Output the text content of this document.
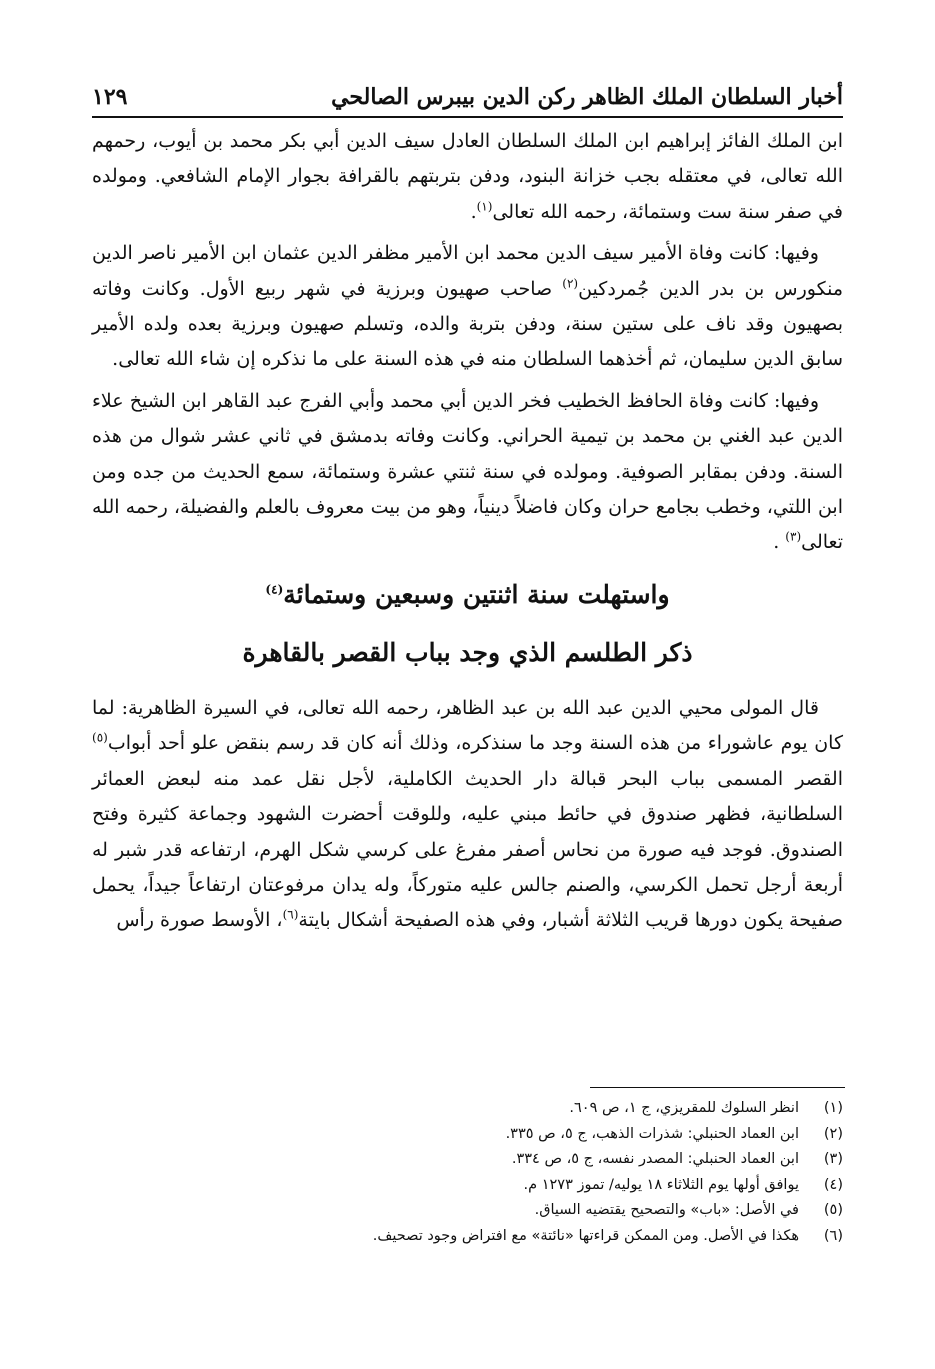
أخبار السلطان الملك الظاهر ركن الدين بيبرس الصالحي
١٢٩

ابن الملك الفائز إبراهيم ابن الملك السلطان العادل سيف الدين أبي بكر محمد بن أيوب، رحمهم الله تعالى، في معتقله بجب خزانة البنود، ودفن بتربتهم بالقرافة بجوار الإمام الشافعي. ومولده في صفر سنة ست وستمائة، رحمه الله تعالى$^{(١)}$.

وفيها: كانت وفاة الأمير سيف الدين محمد ابن الأمير مظفر الدين عثمان ابن الأمير ناصر الدين منكورس بن بدر الدين جُمردكين$^{(٢)}$ صاحب صهيون وبرزية في شهر ربيع الأول. وكانت وفاته بصهيون وقد ناف على ستين سنة، ودفن بتربة والده، وتسلم صهيون وبرزية بعده ولده الأمير سابق الدين سليمان، ثم أخذهما السلطان منه في هذه السنة على ما نذكره إن شاء الله تعالى.

وفيها: كانت وفاة الحافظ الخطيب فخر الدين أبي محمد وأبي الفرج عبد القاهر ابن الشيخ علاء الدين عبد الغني بن محمد بن تيمية الحراني. وكانت وفاته بدمشق في ثاني عشر شوال من هذه السنة. ودفن بمقابر الصوفية. ومولده في سنة ثنتي عشرة وستمائة، سمع الحديث من جده ومن ابن اللتي، وخطب بجامع حران وكان فاضلاً دينياً، وهو من بيت معروف بالعلم والفضيلة، رحمه الله تعالى$^{(٣)}$ .

واستهلت سنة اثنتين وسبعين وستمائة$^{(٤)}$
ذكر الطلسم الذي وجد بباب القصر بالقاهرة

قال المولى محيي الدين عبد الله بن عبد الظاهر، رحمه الله تعالى، في السيرة الظاهرية: لما كان يوم عاشوراء من هذه السنة وجد ما سنذكره، وذلك أنه كان قد رسم بنقض علو أحد أبواب$^{(٥)}$ القصر المسمى بباب البحر قبالة دار الحديث الكاملية، لأجل نقل عمد منه لبعض العمائر السلطانية، فظهر صندوق في حائط مبني عليه، وللوقت أحضرت الشهود وجماعة كثيرة وفتح الصندوق. فوجد فيه صورة من نحاس أصفر مفرغ على كرسي شكل الهرم، ارتفاعه قدر شبر له أربعة أرجل تحمل الكرسي، والصنم جالس عليه متوركاً، وله يدان مرفوعتان ارتفاعاً جيداً، يحمل صفيحة يكون دورها قريب الثلاثة أشبار، وفي هذه الصفيحة أشكال بايتة$^{(٦)}$، الأوسط صورة رأس

(١)
انظر السلوك للمقريزي، ج ١، ص ٦٠٩.
(٢)
ابن العماد الحنبلي: شذرات الذهب، ج ٥، ص ٣٣٥.
(٣)
ابن العماد الحنبلي: المصدر نفسه، ج ٥، ص ٣٣٤.
(٤)
يوافق أولها يوم الثلاثاء ١٨ يوليه/ تموز ١٢٧٣ م.
(٥)
في الأصل: «باب» والتصحيح يقتضيه السياق.
(٦)
هكذا في الأصل. ومن الممكن قراءتها «نائتة» مع افتراض وجود تصحيف.
